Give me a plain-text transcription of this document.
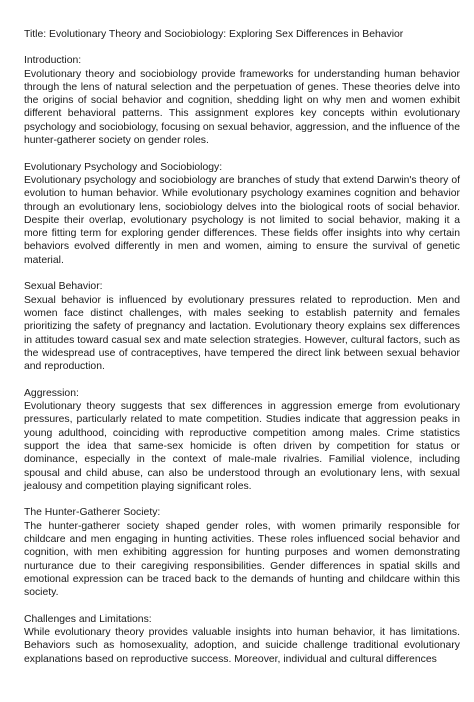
Title: Evolutionary Theory and Sociobiology: Exploring Sex Differences in Behavior

Introduction:

Evolutionary theory and sociobiology provide frameworks for understanding human behavior through the lens of natural selection and the perpetuation of genes. These theories delve into the origins of social behavior and cognition, shedding light on why men and women exhibit different behavioral patterns. This assignment explores key concepts within evolutionary psychology and sociobiology, focusing on sexual behavior, aggression, and the influence of the hunter-gatherer society on gender roles.

Evolutionary Psychology and Sociobiology:

Evolutionary psychology and sociobiology are branches of study that extend Darwin's theory of evolution to human behavior. While evolutionary psychology examines cognition and behavior through an evolutionary lens, sociobiology delves into the biological roots of social behavior. Despite their overlap, evolutionary psychology is not limited to social behavior, making it a more fitting term for exploring gender differences. These fields offer insights into why certain behaviors evolved differently in men and women, aiming to ensure the survival of genetic material.

Sexual Behavior:

Sexual behavior is influenced by evolutionary pressures related to reproduction. Men and women face distinct challenges, with males seeking to establish paternity and females prioritizing the safety of pregnancy and lactation. Evolutionary theory explains sex differences in attitudes toward casual sex and mate selection strategies. However, cultural factors, such as the widespread use of contraceptives, have tempered the direct link between sexual behavior and reproduction.

Aggression:

Evolutionary theory suggests that sex differences in aggression emerge from evolutionary pressures, particularly related to mate competition. Studies indicate that aggression peaks in young adulthood, coinciding with reproductive competition among males. Crime statistics support the idea that same-sex homicide is often driven by competition for status or dominance, especially in the context of male-male rivalries. Familial violence, including spousal and child abuse, can also be understood through an evolutionary lens, with sexual jealousy and competition playing significant roles.

The Hunter-Gatherer Society:

The hunter-gatherer society shaped gender roles, with women primarily responsible for childcare and men engaging in hunting activities. These roles influenced social behavior and cognition, with men exhibiting aggression for hunting purposes and women demonstrating nurturance due to their caregiving responsibilities. Gender differences in spatial skills and emotional expression can be traced back to the demands of hunting and childcare within this society.

Challenges and Limitations:

While evolutionary theory provides valuable insights into human behavior, it has limitations. Behaviors such as homosexuality, adoption, and suicide challenge traditional evolutionary explanations based on reproductive success. Moreover, individual and cultural differences
